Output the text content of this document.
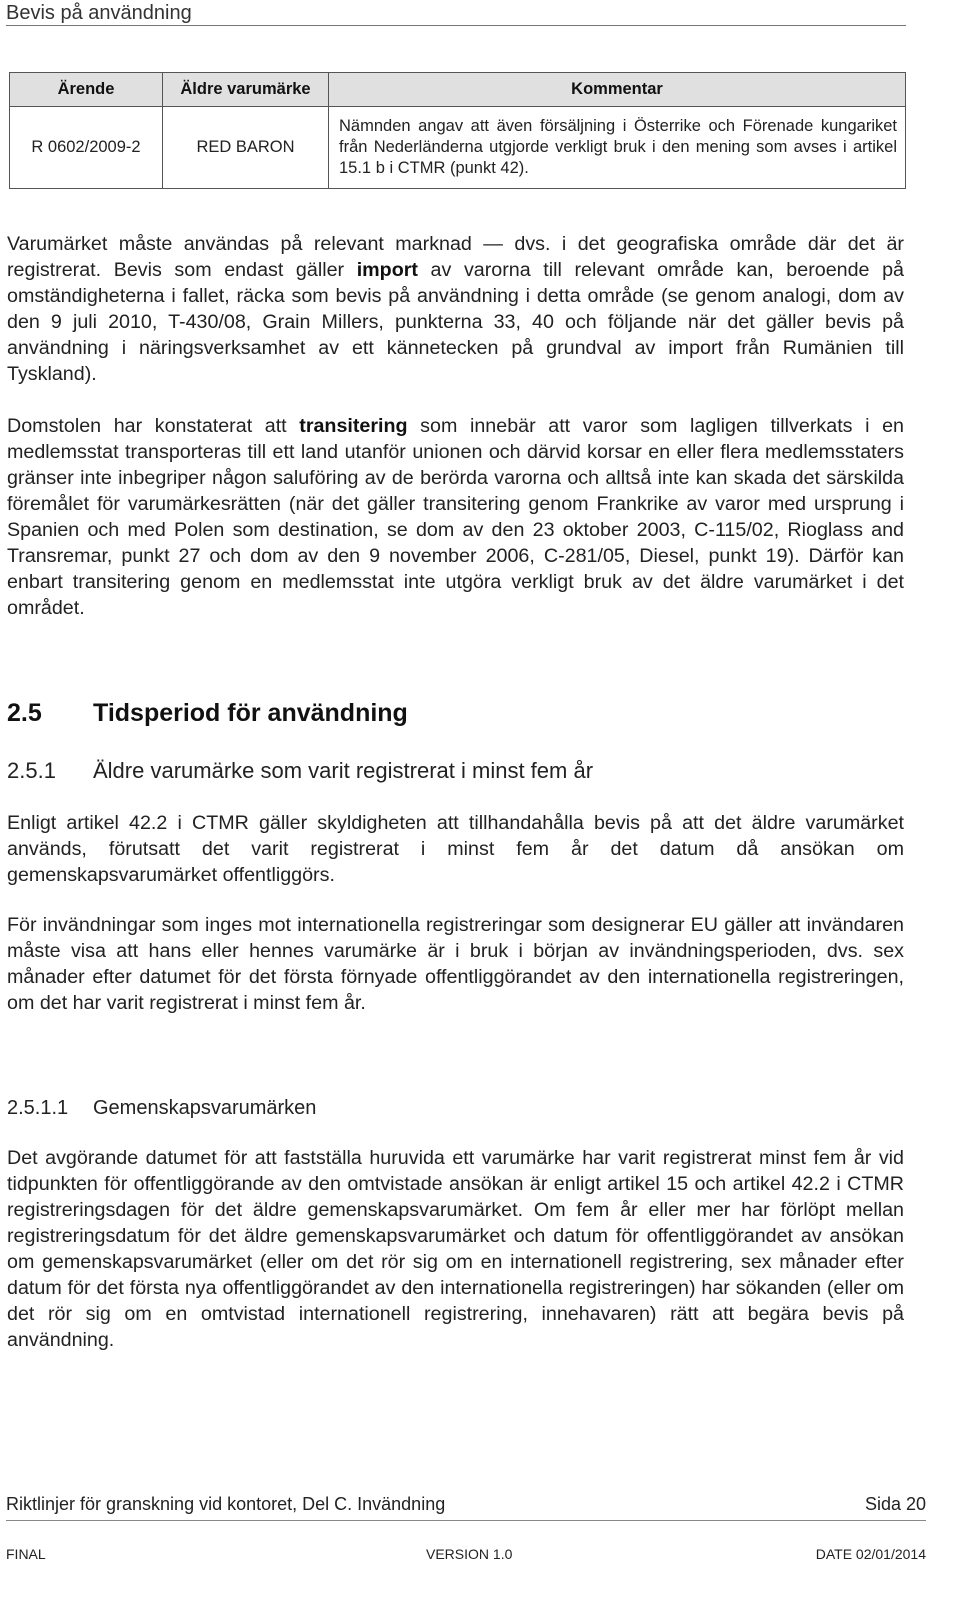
Bevis på användning
Ärende	Äldre varumärke	Kommentar
R 0602/2009-2	RED BARON	Nämnden angav att även försäljning i Österrike och Förenade kungariket från Nederländerna utgjorde verkligt bruk i den mening som avses i artikel 15.1 b i CTMR (punkt 42).

Varumärket måste användas på relevant marknad — dvs. i det geografiska område där det är registrerat. Bevis som endast gäller import av varorna till relevant område kan, beroende på omständigheterna i fallet, räcka som bevis på användning i detta område (se genom analogi, dom av den 9 juli 2010, T-430/08, Grain Millers, punkterna 33, 40 och följande när det gäller bevis på användning i näringsverksamhet av ett kännetecken på grundval av import från Rumänien till Tyskland).

Domstolen har konstaterat att transitering som innebär att varor som lagligen tillverkats i en medlemsstat transporteras till ett land utanför unionen och därvid korsar en eller flera medlemsstaters gränser inte inbegriper någon saluföring av de berörda varorna och alltså inte kan skada det särskilda föremålet för varumärkesrätten (när det gäller transitering genom Frankrike av varor med ursprung i Spanien och med Polen som destination, se dom av den 23 oktober 2003, C-115/02, Rioglass and Transremar, punkt 27 och dom av den 9 november 2006, C-281/05, Diesel, punkt 19). Därför kan enbart transitering genom en medlemsstat inte utgöra verkligt bruk av det äldre varumärket i det området.

2.5 Tidsperiod för användning
2.5.1 Äldre varumärke som varit registrerat i minst fem år

Enligt artikel 42.2 i CTMR gäller skyldigheten att tillhandahålla bevis på att det äldre varumärket används, förutsatt det varit registrerat i minst fem år det datum då ansökan om gemenskapsvarumärket offentliggörs.

För invändningar som inges mot internationella registreringar som designerar EU gäller att invändaren måste visa att hans eller hennes varumärke är i bruk i början av invändningsperioden, dvs. sex månader efter datumet för det första förnyade offentliggörandet av den internationella registreringen, om det har varit registrerat i minst fem år.

2.5.1.1 Gemenskapsvarumärken

Det avgörande datumet för att fastställa huruvida ett varumärke har varit registrerat minst fem år vid tidpunkten för offentliggörande av den omtvistade ansökan är enligt artikel 15 och artikel 42.2 i CTMR registreringsdagen för det äldre gemenskapsvarumärket. Om fem år eller mer har förlöpt mellan registreringsdatum för det äldre gemenskapsvarumärket och datum för offentliggörandet av ansökan om gemenskapsvarumärket (eller om det rör sig om en internationell registrering, sex månader efter datum för det första nya offentliggörandet av den internationella registreringen) har sökanden (eller om det rör sig om en omtvistad internationell registrering, innehavaren) rätt att begära bevis på användning.

Riktlinjer för granskning vid kontoret, Del C. Invändning	Sida 20
FINAL	VERSION 1.0	DATE 02/01/2014
